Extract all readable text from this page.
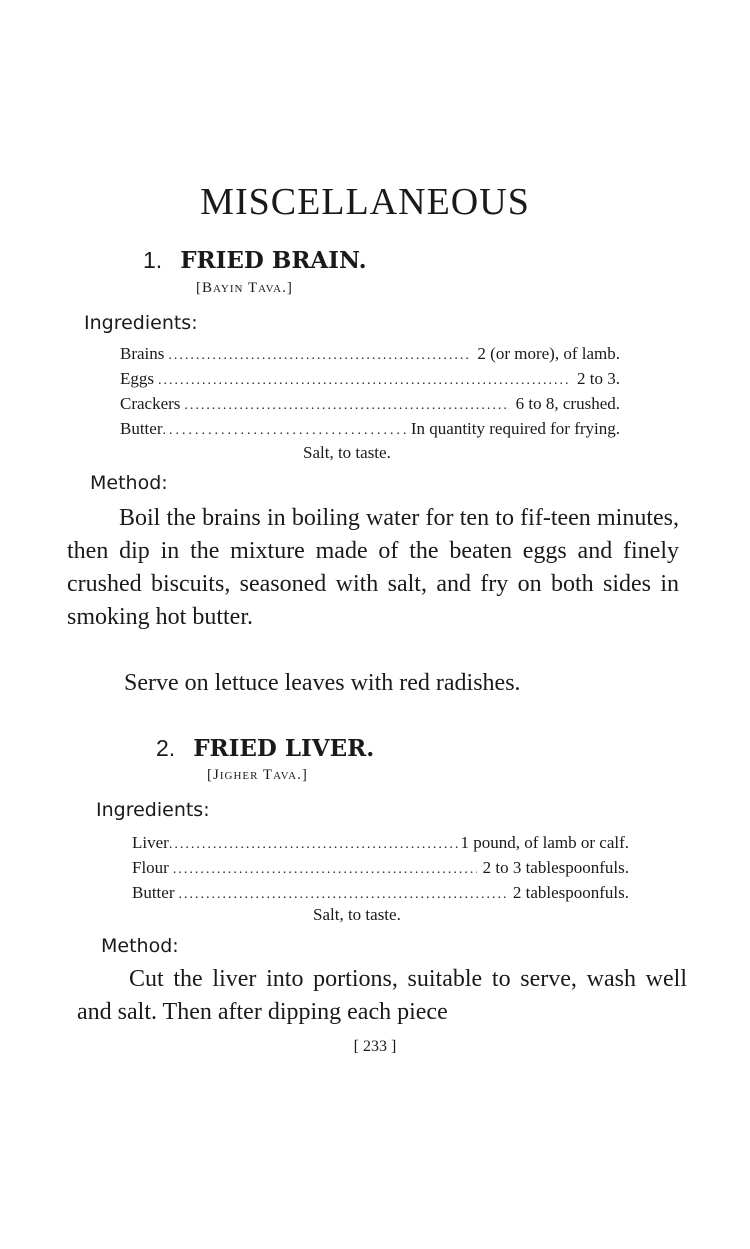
MISCELLANEOUS
1. FRIED BRAIN.
[Bayin Tava.]
Ingredients:
Brains .....	2 (or more), of lamb.
Eggs .....	2 to 3.
Crackers .....	6 to 8, crushed.
Butter .....	In quantity required for frying.
Salt, to taste.
Method:
Boil the brains in boiling water for ten to fif-teen minutes, then dip in the mixture made of the beaten eggs and finely crushed biscuits, seasoned with salt, and fry on both sides in smoking hot butter.
Serve on lettuce leaves with red radishes.
2. FRIED LIVER.
[Jigher Tava.]
Ingredients:
Liver .....	1 pound, of lamb or calf.
Flour .....	2 to 3 tablespoonfuls.
Butter .....	2 tablespoonfuls.
Salt, to taste.
Method:
Cut the liver into portions, suitable to serve, wash well and salt. Then after dipping each piece
[ 233 ]
